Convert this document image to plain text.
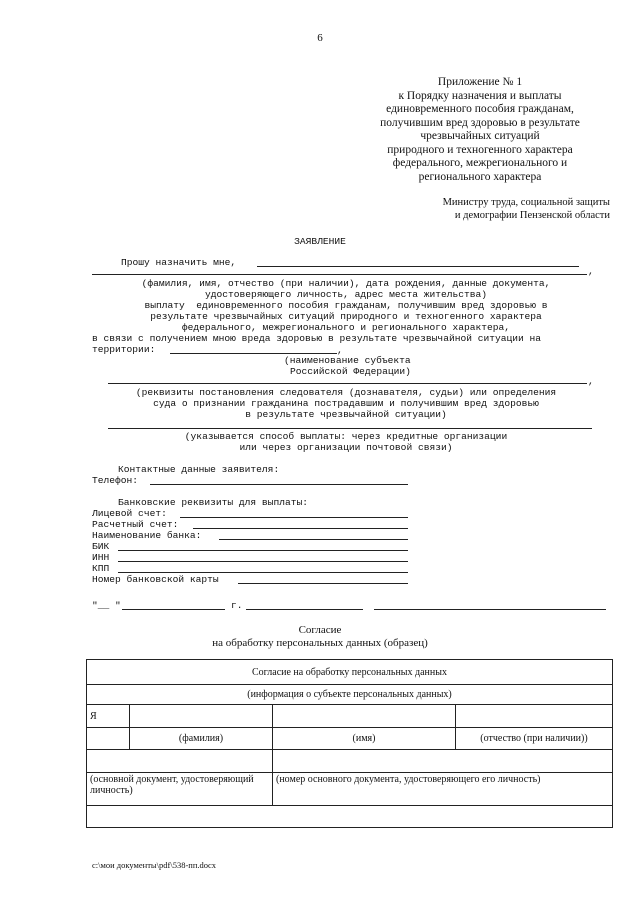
6
Приложение № 1
к Порядку назначения и выплаты
единовременного пособия гражданам,
получившим вред здоровью в результате
чрезвычайных ситуаций
природного и техногенного характера
федерального, межрегионального и
регионального характера
Министру труда, социальной защиты
и демографии Пензенской области
ЗАЯВЛЕНИЕ
Прошу назначить мне,
,
(фамилия, имя, отчество (при наличии), дата рождения, данные документа,
удостоверяющего личность, адрес места жительства)
выплату  единовременного пособия гражданам, получившим вред здоровью в
результате чрезвычайных ситуаций природного и техногенного характера
федерального, межрегионального и регионального характера,
в связи с получением мною вреда здоровью в результате чрезвычайной ситуации на
территории:	,
(наименование субъекта
Российской Федерации)
,
(реквизиты постановления следователя (дознавателя, судьи) или определения
суда о признании гражданина пострадавшим и получившим вред здоровью
в результате чрезвычайной ситуации)
(указывается способ выплаты: через кредитные организации
или через организации почтовой связи)
Контактные данные заявителя:
Телефон:
Банковские реквизиты для выплаты:
Лицевой счет:
Расчетный счет:
Наименование банка:
БИК
ИНН
КПП
Номер банковской карты
"__ "	г.
Согласие
на обработку персональных данных (образец)
Согласие на обработку персональных данных			
(информация о субъекте персональных данных)			
Я			
	(фамилия)	(имя)	(отчество (при наличии))

(основной документ, удостоверяющий личность)		(номер основного документа, удостоверяющего его личность)	

c:\мои документы\pdf\538-пп.docx
